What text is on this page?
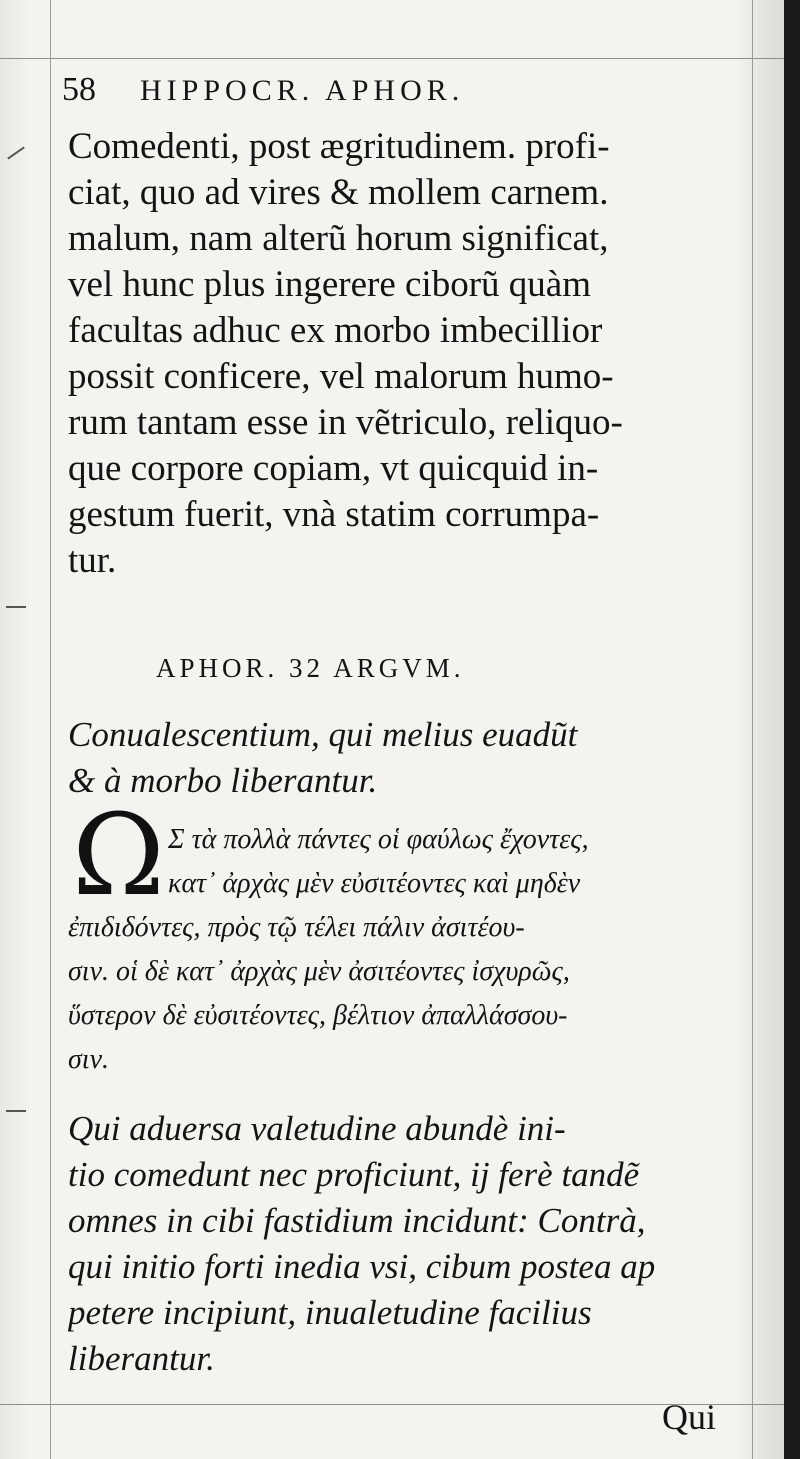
58 HIPPOCR. APHOR.
Comedenti, post ægritudinem. profi-
ciat, quo ad vires & mollem carnem.
malum, nam alterũ horum significat,
vel hunc plus ingerere ciborũ quàm
facultas adhuc ex morbo imbecillior
possit conficere, vel malorum humo-
rum tantam esse in vẽtriculo, reliquo-
que corpore copiam, vt quicquid in-
gestum fuerit, vnà statim corrumpa-
tur.
APHOR. 32 ARGVM.
Conualescentium, qui melius euadũt
& à morbo liberantur.
Ω Σ τὰ πολλὰ πάντες οἱ φαύλως ἔχοντες,
κατ᾽ ἀρχὰς μὲν εὐσιτέοντες καὶ μηδὲν
ἐπιδιδόντες, πρὸς τῷ τέλει πάλιν ἀσιτέου-
σιν. οἱ δὲ κατ᾽ ἀρχὰς μὲν ἀσιτέοντες ἰσχυρῶς,
ὕστερον δὲ εὐσιτέοντες, βέλτιον ἀπαλλάσσου-
σιν.
Qui aduersa valetudine abundè ini-
tio comedunt nec proficiunt, ij ferè tandẽ
omnes in cibi fastidium incidunt: Contrà,
qui initio forti inedia vsi, cibum postea ap
petere incipiunt, inualetudine facilius
liberantur.
Qui
